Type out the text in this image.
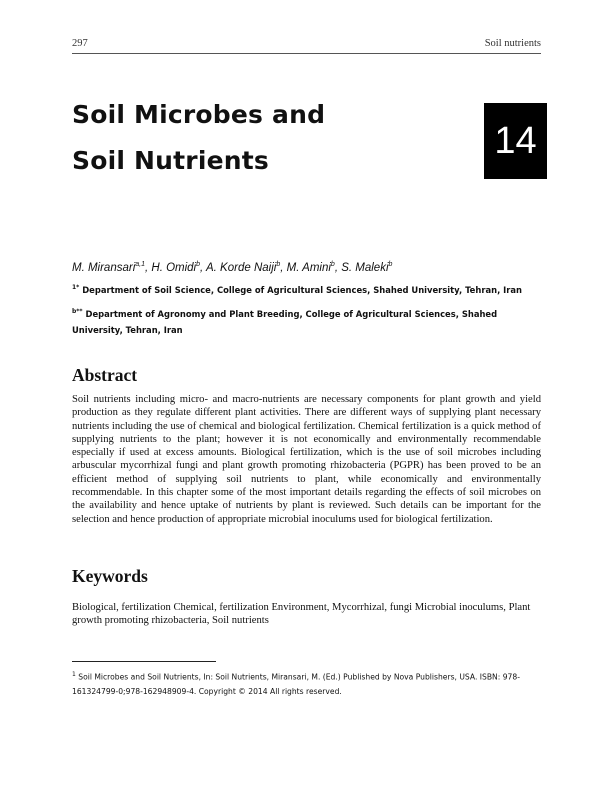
297	Soil nutrients
Soil Microbes and
Soil Nutrients	14
M. Miransari$^{a,1}$, H. Omidi$^b$, A. Korde Naiji$^b$, M. Amini$^b$, S. Maleki$^b$
$^{1*}$ Department of Soil Science, College of Agricultural Sciences, Shahed University, Tehran, Iran
$^{b**}$ Department of Agronomy and Plant Breeding, College of Agricultural Sciences, Shahed University, Tehran, Iran
Abstract
Soil nutrients including micro- and macro-nutrients are necessary components for plant growth and yield production as they regulate different plant activities. There are different ways of supplying plant necessary nutrients including the use of chemical and biological fertilization. Chemical fertilization is a quick method of supplying nutrients to the plant; however it is not economically and environmentally recommendable especially if used at excess amounts. Biological fertilization, which is the use of soil microbes including arbuscular mycorrhizal fungi and plant growth promoting rhizobacteria (PGPR) has been proved to be an efficient method of supplying soil nutrients to plant, while economically and environmentally recommendable. In this chapter some of the most important details regarding the effects of soil microbes on the availability and hence uptake of nutrients by plant is reviewed. Such details can be important for the selection and hence production of appropriate microbial inoculums used for biological fertilization.
Keywords
Biological, fertilization Chemical, fertilization Environment, Mycorrhizal, fungi Microbial inoculums, Plant growth promoting rhizobacteria, Soil nutrients
$^1$ Soil Microbes and Soil Nutrients, In: Soil Nutrients, Miransari, M. (Ed.) Published by Nova Publishers, USA. ISBN: 978-161324799-0;978-162948909-4. Copyright © 2014 All rights reserved.
